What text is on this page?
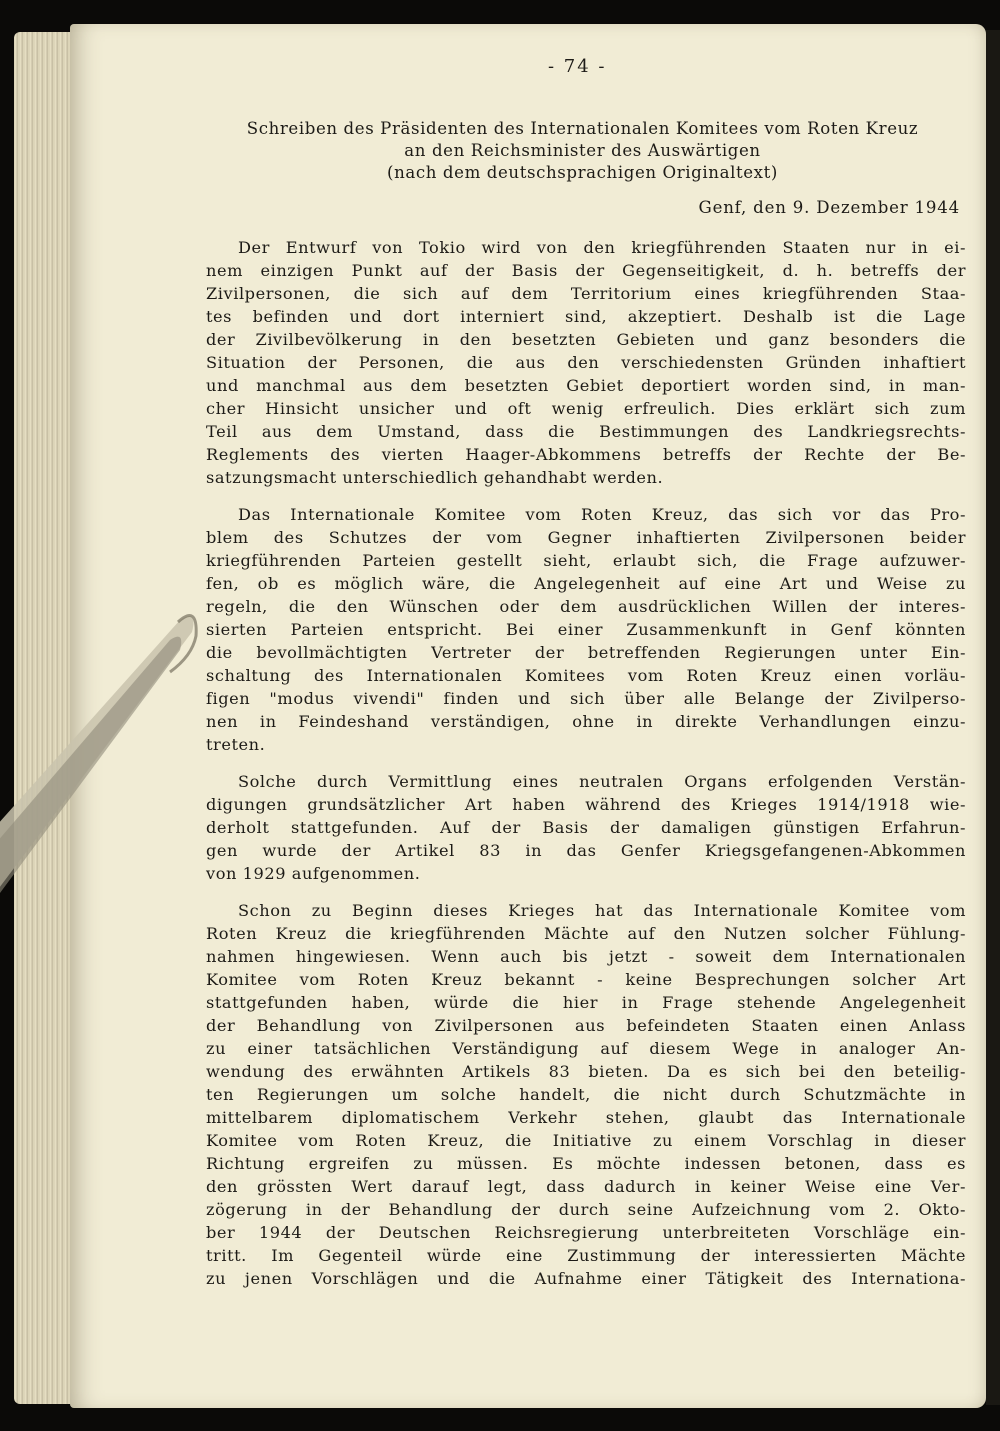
- 74 -
Schreiben des Präsidenten des Internationalen Komitees vom Roten Kreuz
an den Reichsminister des Auswärtigen
(nach dem deutschsprachigen Originaltext)
Genf, den 9. Dezember 1944
Der Entwurf von Tokio wird von den kriegführenden Staaten nur in ei-
nem einzigen Punkt auf der Basis der Gegenseitigkeit, d. h. betreffs der
Zivilpersonen, die sich auf dem Territorium eines kriegführenden Staa-
tes befinden und dort interniert sind, akzeptiert. Deshalb ist die Lage
der Zivilbevölkerung in den besetzten Gebieten und ganz besonders die
Situation der Personen, die aus den verschiedensten Gründen inhaftiert
und manchmal aus dem besetzten Gebiet deportiert worden sind, in man-
cher Hinsicht unsicher und oft wenig erfreulich. Dies erklärt sich zum
Teil aus dem Umstand, dass die Bestimmungen des Landkriegsrechts-
Reglements des vierten Haager-Abkommens betreffs der Rechte der Be-
satzungsmacht unterschiedlich gehandhabt werden.
Das Internationale Komitee vom Roten Kreuz, das sich vor das Pro-
blem des Schutzes der vom Gegner inhaftierten Zivilpersonen beider
kriegführenden Parteien gestellt sieht, erlaubt sich, die Frage aufzuwer-
fen, ob es möglich wäre, die Angelegenheit auf eine Art und Weise zu
regeln, die den Wünschen oder dem ausdrücklichen Willen der interes-
sierten Parteien entspricht. Bei einer Zusammenkunft in Genf könnten
die bevollmächtigten Vertreter der betreffenden Regierungen unter Ein-
schaltung des Internationalen Komitees vom Roten Kreuz einen vorläu-
figen "modus vivendi" finden und sich über alle Belange der Zivilperso-
nen in Feindeshand verständigen, ohne in direkte Verhandlungen einzu-
treten.
Solche durch Vermittlung eines neutralen Organs erfolgenden Verstän-
digungen grundsätzlicher Art haben während des Krieges 1914/1918 wie-
derholt stattgefunden. Auf der Basis der damaligen günstigen Erfahrun-
gen wurde der Artikel 83 in das Genfer Kriegsgefangenen-Abkommen
von 1929 aufgenommen.
Schon zu Beginn dieses Krieges hat das Internationale Komitee vom
Roten Kreuz die kriegführenden Mächte auf den Nutzen solcher Fühlung-
nahmen hingewiesen. Wenn auch bis jetzt - soweit dem Internationalen
Komitee vom Roten Kreuz bekannt - keine Besprechungen solcher Art
stattgefunden haben, würde die hier in Frage stehende Angelegenheit
der Behandlung von Zivilpersonen aus befeindeten Staaten einen Anlass
zu einer tatsächlichen Verständigung auf diesem Wege in analoger An-
wendung des erwähnten Artikels 83 bieten. Da es sich bei den beteilig-
ten Regierungen um solche handelt, die nicht durch Schutzmächte in
mittelbarem diplomatischem Verkehr stehen, glaubt das Internationale
Komitee vom Roten Kreuz, die Initiative zu einem Vorschlag in dieser
Richtung ergreifen zu müssen. Es möchte indessen betonen, dass es
den grössten Wert darauf legt, dass dadurch in keiner Weise eine Ver-
zögerung in der Behandlung der durch seine Aufzeichnung vom 2. Okto-
ber 1944 der Deutschen Reichsregierung unterbreiteten Vorschläge ein-
tritt. Im Gegenteil würde eine Zustimmung der interessierten Mächte
zu jenen Vorschlägen und die Aufnahme einer Tätigkeit des Internationa-
